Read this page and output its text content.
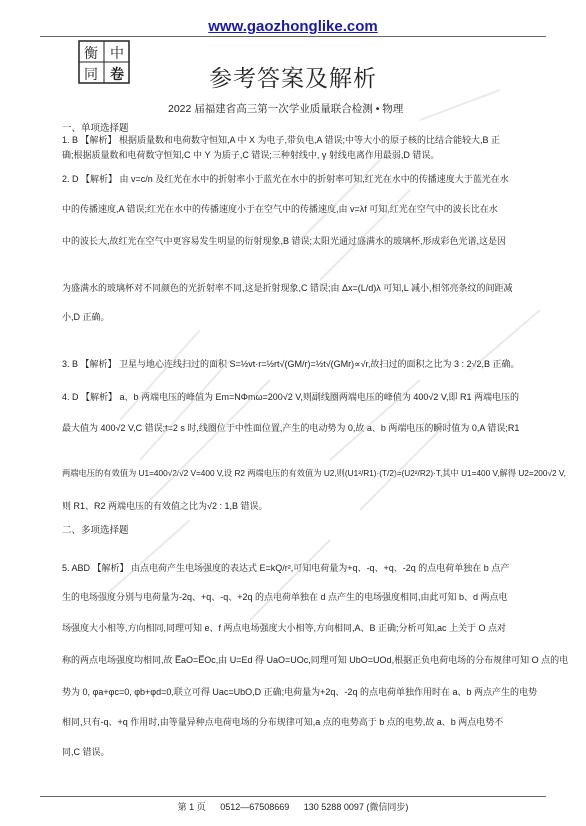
www.gaozhonglike.com
衡 中
同 卷	参考答案及解析
2022 届福建省高三第一次学业质量联合检测 • 物理
一、单项选择题
1. B 【解析】 根据质量数和电荷数守恒知,A 中 X 为电子,带负电,A 错误;中等大小的原子核的比结合能较大,B 正
确;根据质量数和电荷数守恒知,C 中 Y 为质子,C 错误;三种射线中, γ 射线电离作用最弱,D 错误。
2. D 【解析】 由 v=c/n 及红光在水中的折射率小于蓝光在水中的折射率可知,红光在水中的传播速度大于蓝光在水
中的传播速度,A 错误;红光在水中的传播速度小于在空气中的传播速度,由 v=λf 可知,红光在空气中的波长比在水
中的波长大,故红光在空气中更容易发生明显的衍射现象,B 错误;太阳光通过盛满水的玻璃杯,形成彩色光谱,这是因
为盛满水的玻璃杯对不同颜色的光折射率不同,这是折射现象,C 错误;由 Δx=(L/d)λ 可知,L 减小,相邻亮条纹的间距减
小,D 正确。
3. B 【解析】 卫星与地心连线扫过的面积 S=½vt·r=½rt√(GM/r)=½t√(GMr)∝√r,故扫过的面积之比为 3 : 2√2,B 正确。
4. D 【解析】 a、b 两端电压的峰值为 Em=NΦmω=200√2 V,则副线圈两端电压的峰值为 400√2 V,即 R1 两端电压的
最大值为 400√2 V,C 错误;t=2 s 时,线圈位于中性面位置,产生的电动势为 0,故 a、b 两端电压的瞬时值为 0,A 错误;R1
两端电压的有效值为 U1=400√2/√2 V=400 V,设 R2 两端电压的有效值为 U2,则(U1²/R1)·(T/2)=(U2²/R2)·T,其中 U1=400 V,解得 U2=200√2 V,
则 R1、R2 两端电压的有效值之比为√2 : 1,B 错误。
二、多项选择题
5. ABD 【解析】 由点电荷产生电场强度的表达式 E=kQ/r²,可知电荷量为+q、-q、+q、-2q 的点电荷单独在 b 点产
生的电场强度分别与电荷量为-2q、+q、-q、+2q 的点电荷单独在 d 点产生的电场强度相同,由此可知 b、d 两点电
场强度大小相等,方向相同,同理可知 e、f 两点电场强度大小相等,方向相同,A、B 正确;分析可知,ac 上关于 O 点对
称的两点电场强度均相同,故 E̅aO=E̅Oc,由 U=Ed 得 UaO=UOc,同理可知 UbO=UOd,根据正负电荷电场的分布规律可知 O 点的电
势为 0, φa+φc=0, φb+φd=0,联立可得 Uac=UbO,D 正确;电荷量为+2q、-2q 的点电荷单独作用时在 a、b 两点产生的电势
相同,只有-q、+q 作用时,由等量异种点电荷电场的分布规律可知,a 点的电势高于 b 点的电势,故 a、b 两点电势不
同,C 错误。
第 1 页 0512—67508669 130 5288 0097 (微信同步)
